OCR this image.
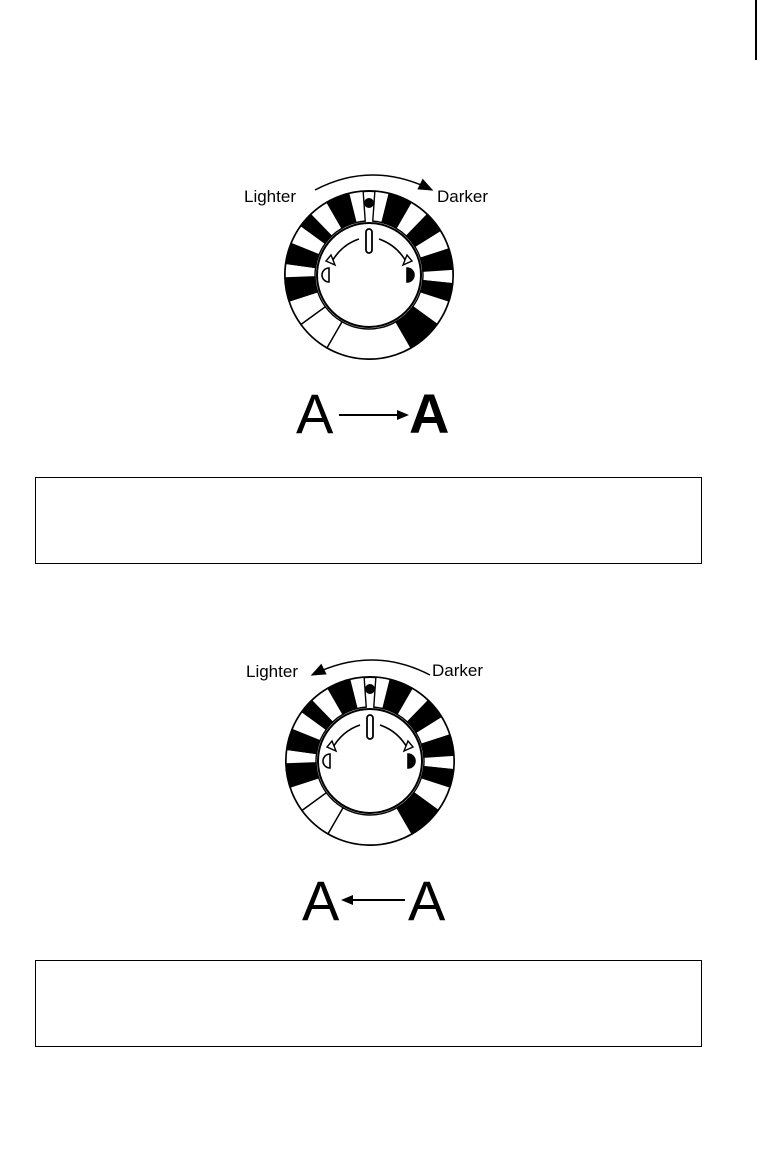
Lighter	Darker
A A
Lighter	Darker
A A
